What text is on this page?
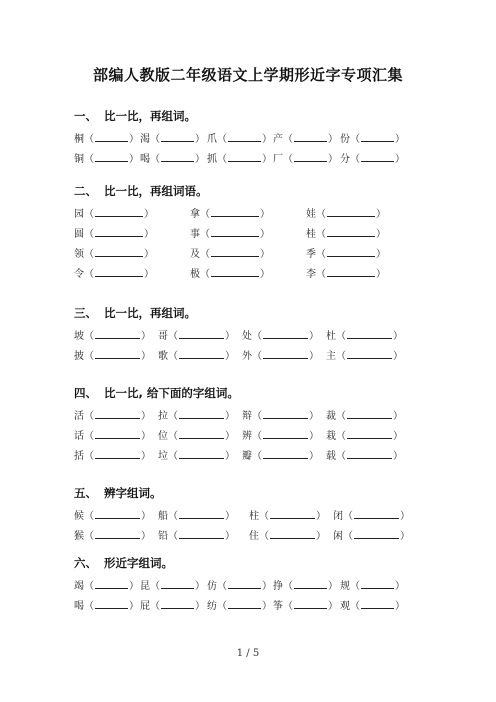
部编人教版二年级语文上学期形近字专项汇集
一、 比一比，再组词。
桐（	） 渴（	） 爪（	） 产（	） 份（	）
铜（	） 喝（	） 抓（	） 厂（	） 分（	）
二、 比一比，再组词语。
园（	）	拿（	）	娃（	）
圆（	）	事（	）	桂（	）
领（	）	及（	）	季（	）
令（	）	极（	）	李（	）
三、 比一比，再组词。
坡（	） 哥（	） 处（	） 杜（	）
披（	） 歌（	） 外（	） 主（	）
四、 比一比, 给下面的字组词。
活（	） 拉（	） 辩（	） 裁（	）
话（	） 位（	） 辨（	） 栽（	）
括（	） 垃（	） 瓣（	） 载（	）
五、 辨字组词。
候（	） 船（	） 柱（	） 闭（	）
猴（	） 铅（	） 住（	） 闲（	）
六、 形近字组词。
竭（	） 昆（	） 仿（	） 挣（	） 规（	）
喝（	） 屁（	） 纺（	） 筝（	） 观（	）
1 / 5
